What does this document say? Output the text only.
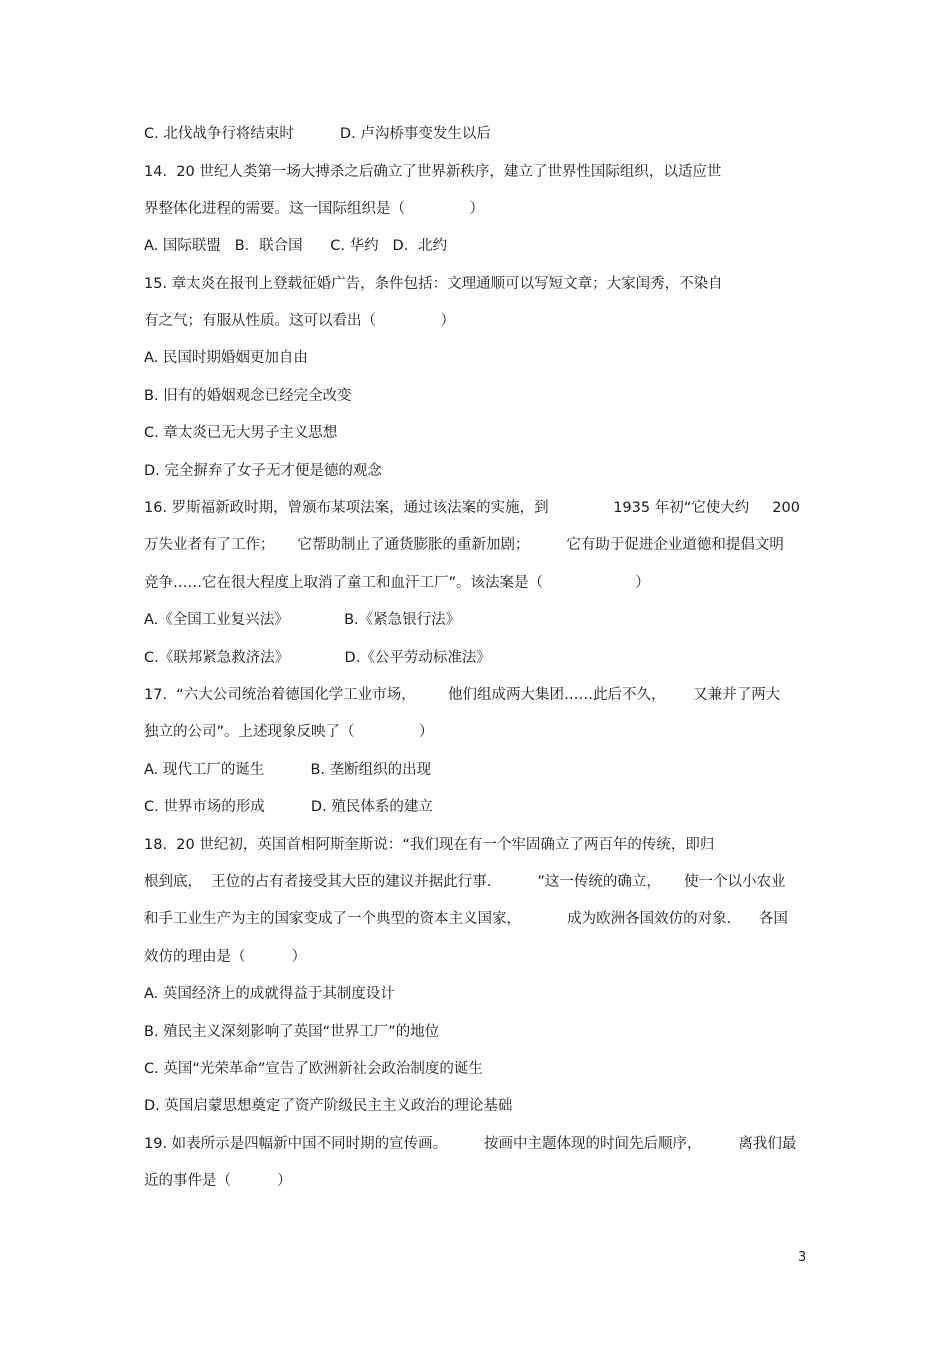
C. 北伐战争行将结束时          D. 卢沟桥事变发生以后

14.  20 世纪人类第一场大搏杀之后确立了世界新秩序，建立了世界性国际组织，以适应世

界整体化进程的需要。这一国际组织是（              ）

A. 国际联盟   B．联合国      C. 华约   D．北约

15. 章太炎在报刊上登载征婚广告，条件包括：文理通顺可以写短文章；大家闺秀，不染自

有之气；有服从性质。这可以看出（              ）

A. 民国时期婚姻更加自由

B. 旧有的婚姻观念已经完全改变

C. 章太炎已无大男子主义思想

D. 完全摒弃了女子无才便是德的观念

16. 罗斯福新政时期，曾颁布某项法案，通过该法案的实施，到              1935 年初“它使大约     200

万失业者有了工作；     它帮助制止了通货膨胀的重新加剧；        它有助于促进企业道德和提倡文明

竞争……它在很大程度上取消了童工和血汗工厂”。该法案是（                    ）

A.《全国工业复兴法》            B.《紧急银行法》

C.《联邦紧急救济法》            D.《公平劳动标准法》

17.  “六大公司统治着德国化学工业市场，       他们组成两大集团……此后不久，      又兼并了两大

独立的公司”。上述现象反映了（              ）

A. 现代工厂的诞生          B. 垄断组织的出现

C. 世界市场的形成          D. 殖民体系的建立

18.  20 世纪初，英国首相阿斯奎斯说：“我们现在有一个牢固确立了两百年的传统，即归

根到底，  王位的占有者接受其大臣的建议并据此行事.          ”这一传统的确立，     使一个以小农业

和手工业生产为主的国家变成了一个典型的资本主义国家，          成为欧洲各国效仿的对象.      各国

效仿的理由是（          ）

A. 英国经济上的成就得益于其制度设计

B. 殖民主义深刻影响了英国“世界工厂”的地位

C. 英国“光荣革命”宣告了欧洲新社会政治制度的诞生

D. 英国启蒙思想奠定了资产阶级民主主义政治的理论基础

19. 如表所示是四幅新中国不同时期的宣传画。        按画中主题体现的时间先后顺序，        离我们最

近的事件是（          ）

3
